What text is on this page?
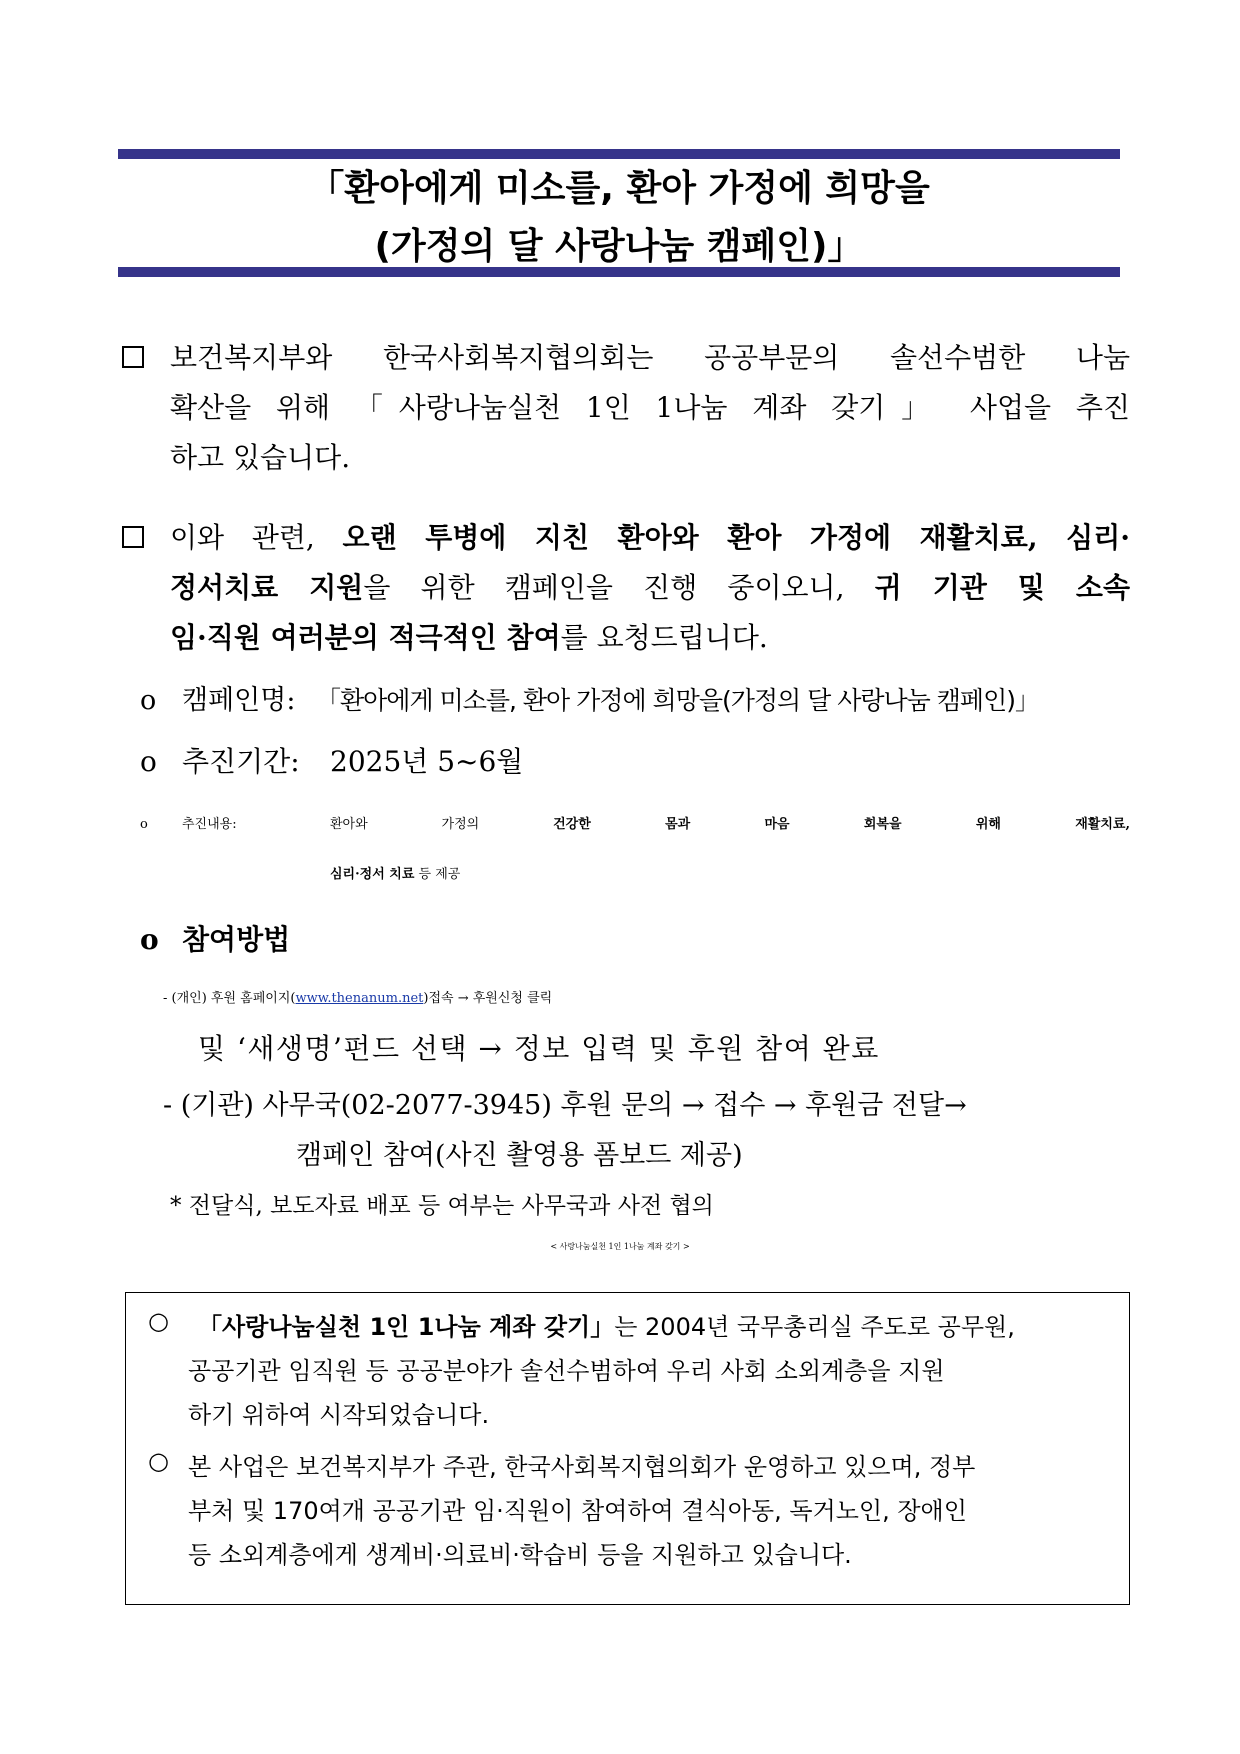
「환아에게 미소를, 환아 가정에 희망을
(가정의 달 사랑나눔 캠페인)」
보건복지부와 한국사회복지협의회는 공공부문의 솔선수범한 나눔
확산을 위해 「사랑나눔실천 1인 1나눔 계좌 갖기」 사업을 추진
하고 있습니다.
이와 관련, 오랜 투병에 지친 환아와 환아 가정에 재활치료, 심리·
정서치료 지원을 위한 캠페인을 진행 중이오니, 귀 기관 및 소속
임·직원 여러분의 적극적인 참여를 요청드립니다.
o 캠페인명: 「환아에게 미소를, 환아 가정에 희망을(가정의 달 사랑나눔 캠페인)」
o 추진기간: 2025년 5~6월
o	추진내용:	환아와 가정의 건강한 몸과 마음 회복을 위해 재활치료,
심리·정서 치료 등 제공
o 참여방법
- (개인) 후원 홈페이지(www.thenanum.net)접속 → 후원신청 클릭
및 ‘새생명’펀드 선택 → 정보 입력 및 후원 참여 완료
- (기관) 사무국(02-2077-3945) 후원 문의 → 접수 → 후원금 전달→
캠페인 참여(사진 촬영용 폼보드 제공)
* 전달식, 보도자료 배포 등 여부는 사무국과 사전 협의
< 사랑나눔실천 1인 1나눔 계좌 갖기 >
○ 「사랑나눔실천 1인 1나눔 계좌 갖기」는 2004년 국무총리실 주도로 공무원,
공공기관 임직원 등 공공분야가 솔선수범하여 우리 사회 소외계층을 지원
하기 위하여 시작되었습니다.
○ 본 사업은 보건복지부가 주관, 한국사회복지협의회가 운영하고 있으며, 정부
부처 및 170여개 공공기관 임·직원이 참여하여 결식아동, 독거노인, 장애인
등 소외계층에게 생계비·의료비·학습비 등을 지원하고 있습니다.
